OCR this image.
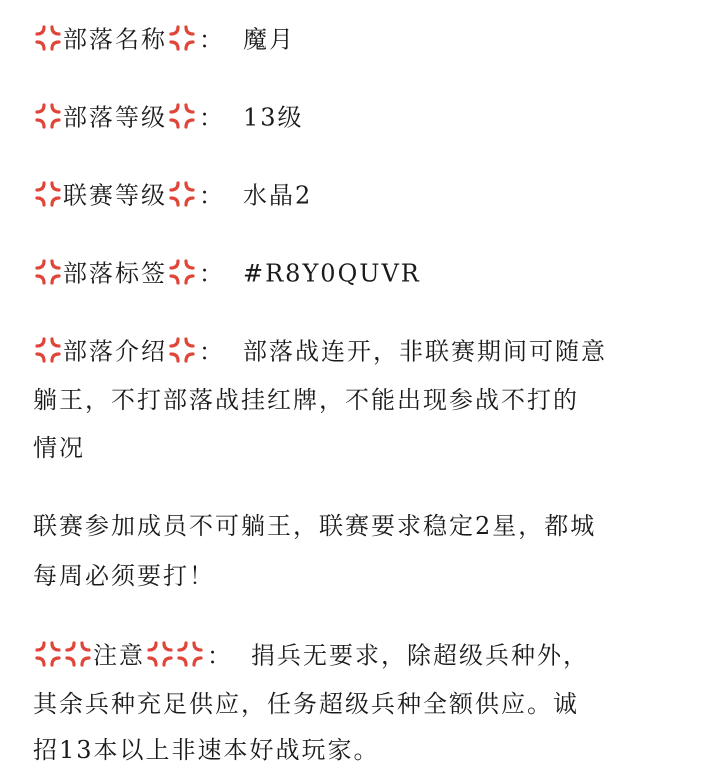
部落名称 ： 魔月
部落等级 ： 13级
联赛等级 ： 水晶2
部落标签 ： #R8Y0QUVR
部落介绍 ： 部落战连开，非联赛期间可随意
躺王，不打部落战挂红牌，不能出现参战不打的
情况
联赛参加成员不可躺王，联赛要求稳定2星，都城
每周必须要打！
注意	： 捐兵无要求，除超级兵种外，
其余兵种充足供应，任务超级兵种全额供应。诚
招13本以上非速本好战玩家。
